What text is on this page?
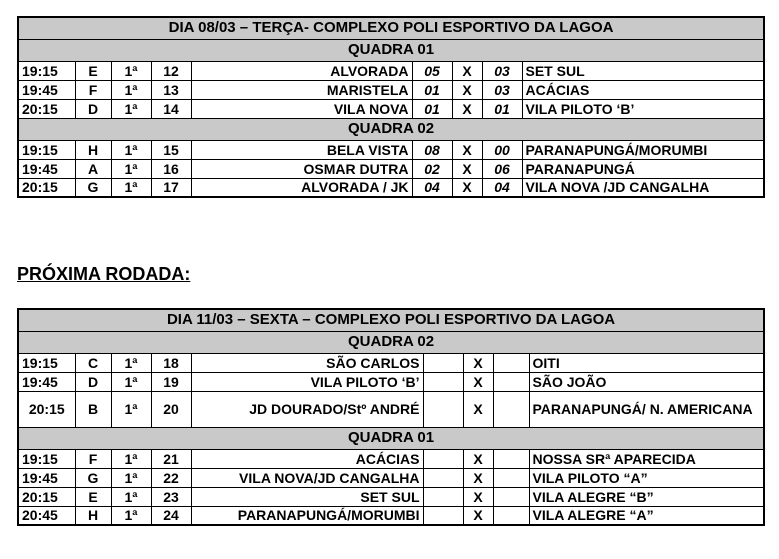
DIA 08/03 – TERÇA- COMPLEXO POLI ESPORTIVO DA LAGOA								
QUADRA 01								
19:15	E	1ª	12	ALVORADA	05	X	03	SET SUL
19:45	F	1ª	13	MARISTELA	01	X	03	ACÁCIAS
20:15	D	1ª	14	VILA NOVA	01	X	01	VILA PILOTO ‘B’
QUADRA 02								
19:15	H	1ª	15	BELA VISTA	08	X	00	PARANAPUNGÁ/MORUMBI
19:45	A	1ª	16	OSMAR DUTRA	02	X	06	PARANAPUNGÁ
20:15	G	1ª	17	ALVORADA / JK	04	X	04	VILA NOVA /JD CANGALHA
PRÓXIMA RODADA:
DIA 11/03 – SEXTA – COMPLEXO POLI ESPORTIVO DA LAGOA								
QUADRA 02								
19:15	C	1ª	18	SÃO CARLOS		X		OITI
19:45	D	1ª	19	VILA PILOTO ‘B’		X		SÃO JOÃO
20:15	B	1ª	20	JD DOURADO/Stº ANDRÉ		X		PARANAPUNGÁ/ N. AMERICANA
QUADRA 01								
19:15	F	1ª	21	ACÁCIAS		X		NOSSA SRª APARECIDA
19:45	G	1ª	22	VILA NOVA/JD CANGALHA		X		VILA PILOTO “A”
20:15	E	1ª	23	SET SUL		X		VILA ALEGRE “B”
20:45	H	1ª	24	PARANAPUNGÁ/MORUMBI		X		VILA ALEGRE “A”
